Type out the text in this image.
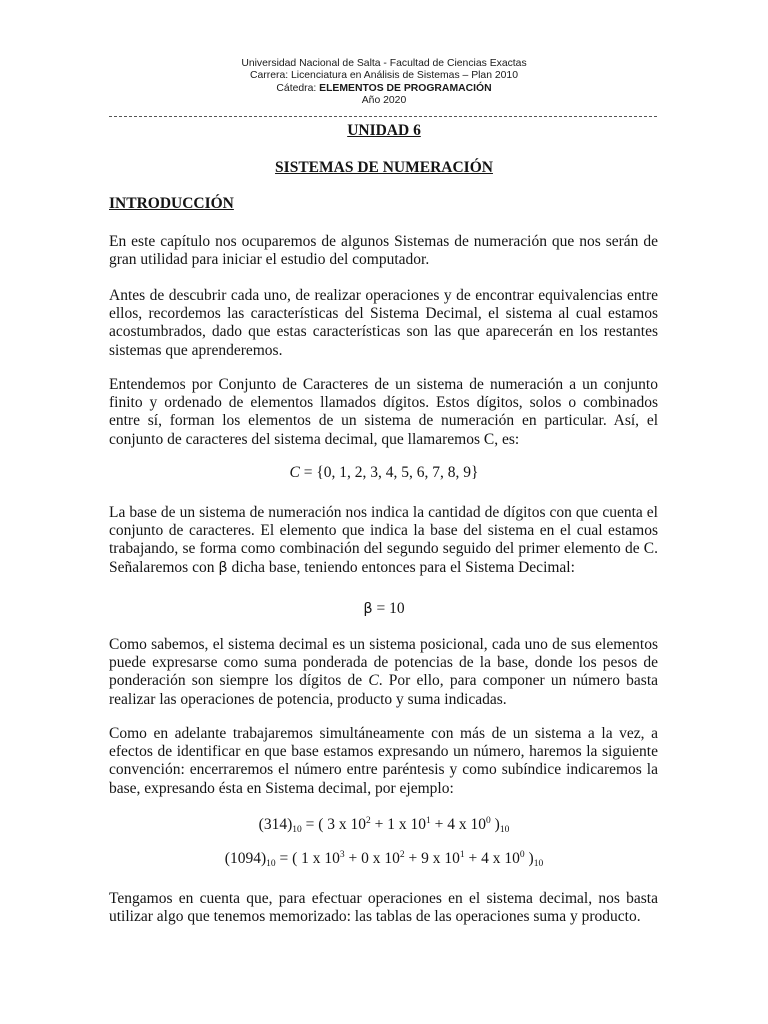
Universidad Nacional de Salta - Facultad de Ciencias Exactas
Carrera: Licenciatura en Análisis de Sistemas – Plan 2010
Cátedra: ELEMENTOS DE PROGRAMACIÓN
Año 2020
UNIDAD 6
SISTEMAS DE NUMERACIÓN
INTRODUCCIÓN

En este capítulo nos ocuparemos de algunos Sistemas de numeración que nos serán de gran utilidad para iniciar el estudio del computador.

Antes de descubrir cada uno, de realizar operaciones y de encontrar equivalencias entre ellos, recordemos las características del Sistema Decimal, el sistema al cual estamos acostumbrados, dado que estas características son las que aparecerán en los restantes sistemas que aprenderemos.

Entendemos por Conjunto de Caracteres de un sistema de numeración a un conjunto finito y ordenado de elementos llamados dígitos. Estos dígitos, solos o combinados entre sí, forman los elementos de un sistema de numeración en particular. Así, el conjunto de caracteres del sistema decimal, que llamaremos C, es:

C = {0, 1, 2, 3, 4, 5, 6, 7, 8, 9}

La base de un sistema de numeración nos indica la cantidad de dígitos con que cuenta el conjunto de caracteres. El elemento que indica la base del sistema en el cual estamos trabajando, se forma como combinación del segundo seguido del primer elemento de C. Señalaremos con β dicha base, teniendo entonces para el Sistema Decimal:

β = 10

Como sabemos, el sistema decimal es un sistema posicional, cada uno de sus elementos puede expresarse como suma ponderada de potencias de la base, donde los pesos de ponderación son siempre los dígitos de C. Por ello, para componer un número basta realizar las operaciones de potencia, producto y suma indicadas.

Como en adelante trabajaremos simultáneamente con más de un sistema a la vez, a efectos de identificar en que base estamos expresando un número, haremos la siguiente convención: encerraremos el número entre paréntesis y como subíndice indicaremos la base, expresando ésta en Sistema decimal, por ejemplo:

$(314)_{10}$ = ( 3 x $10^2 + 1$ x $10^1 + 4$ x $10^0$ )$_{10}$
$(1094)_{10}$ = ( 1 x $10^3 + 0$ x $10^2 + 9$ x $10^1 + 4$ x $10^0$ )$_{10}$

Tengamos en cuenta que, para efectuar operaciones en el sistema decimal, nos basta utilizar algo que tenemos memorizado: las tablas de las operaciones suma y producto.
